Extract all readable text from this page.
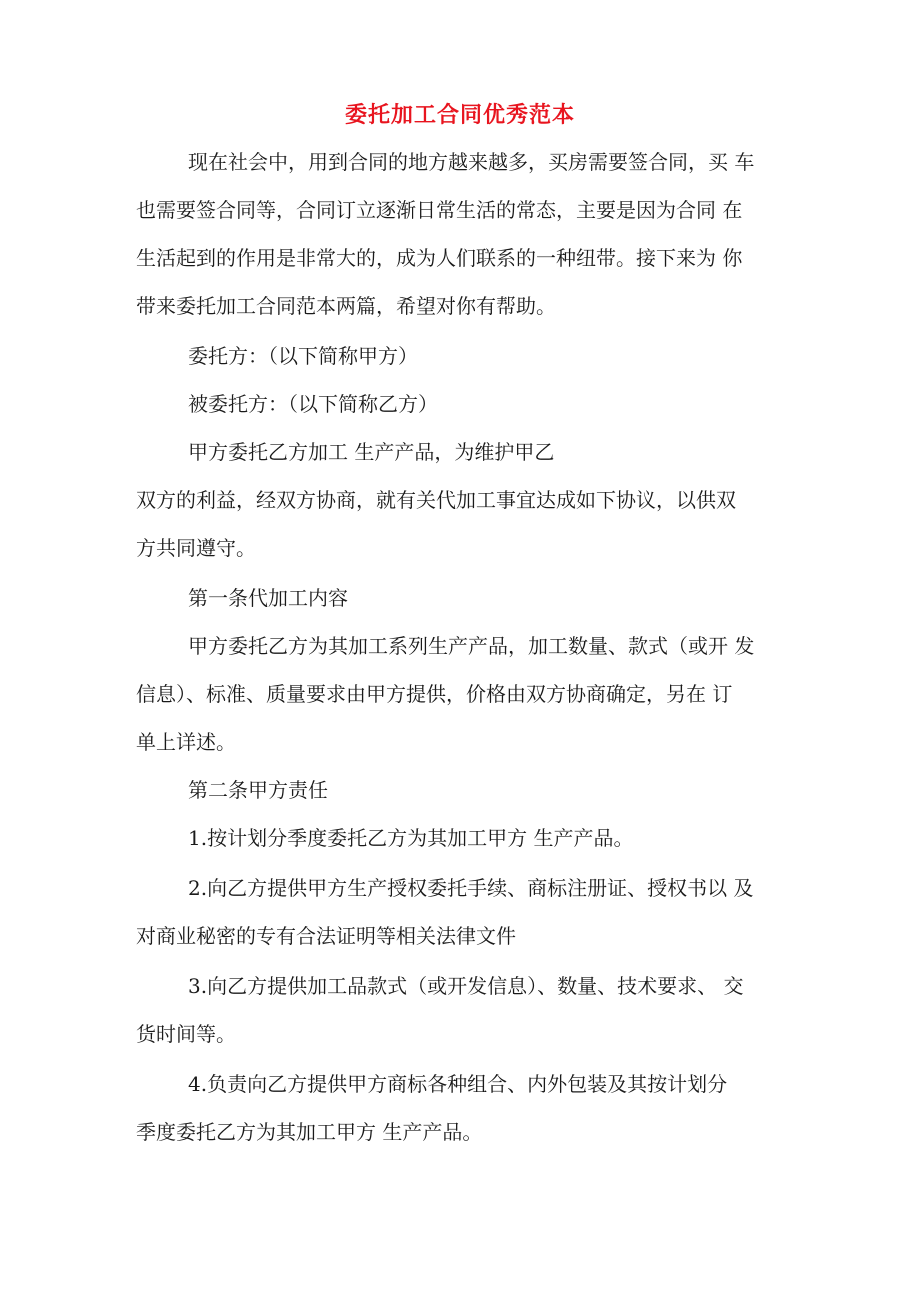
委托加工合同优秀范本
现在社会中，用到合同的地方越来越多，买房需要签合同，买 车
也需要签合同等，合同订立逐渐日常生活的常态，主要是因为合同 在
生活起到的作用是非常大的，成为人们联系的一种纽带。接下来为 你
带来委托加工合同范本两篇，希望对你有帮助。
委托方：（以下简称甲方）
被委托方：（以下简称乙方）
甲方委托乙方加工 生产产品，为维护甲乙
双方的利益，经双方协商，就有关代加工事宜达成如下协议，以供双
方共同遵守。
第一条代加工内容
甲方委托乙方为其加工系列生产产品，加工数量、款式（或开 发
信息）、标准、质量要求由甲方提供，价格由双方协商确定，另在 订
单上详述。
第二条甲方责任
1.按计划分季度委托乙方为其加工甲方 生产产品。
2.向乙方提供甲方生产授权委托手续、商标注册证、授权书以 及
对商业秘密的专有合法证明等相关法律文件
3.向乙方提供加工品款式（或开发信息）、数量、技术要求、 交
货时间等。
4.负责向乙方提供甲方商标各种组合、内外包装及其按计划分
季度委托乙方为其加工甲方 生产产品。
